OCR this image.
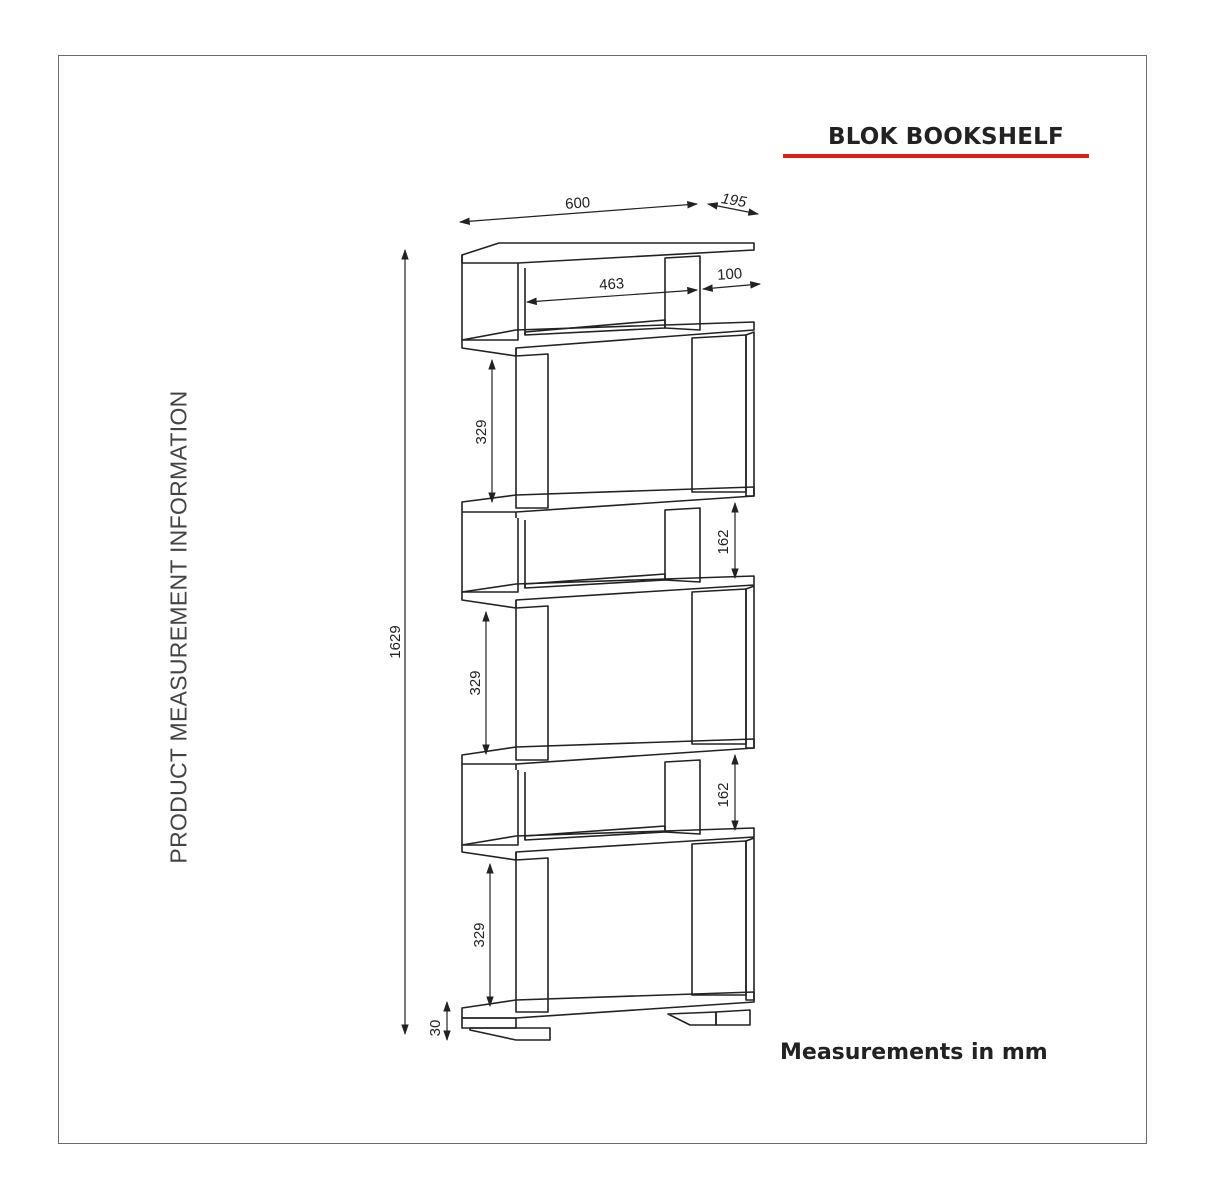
BLOK BOOKSHELF
PRODUCT MEASUREMENT INFORMATION
Measurements in mm
600	195
463
100
1629
329
162
329
162
329
30
